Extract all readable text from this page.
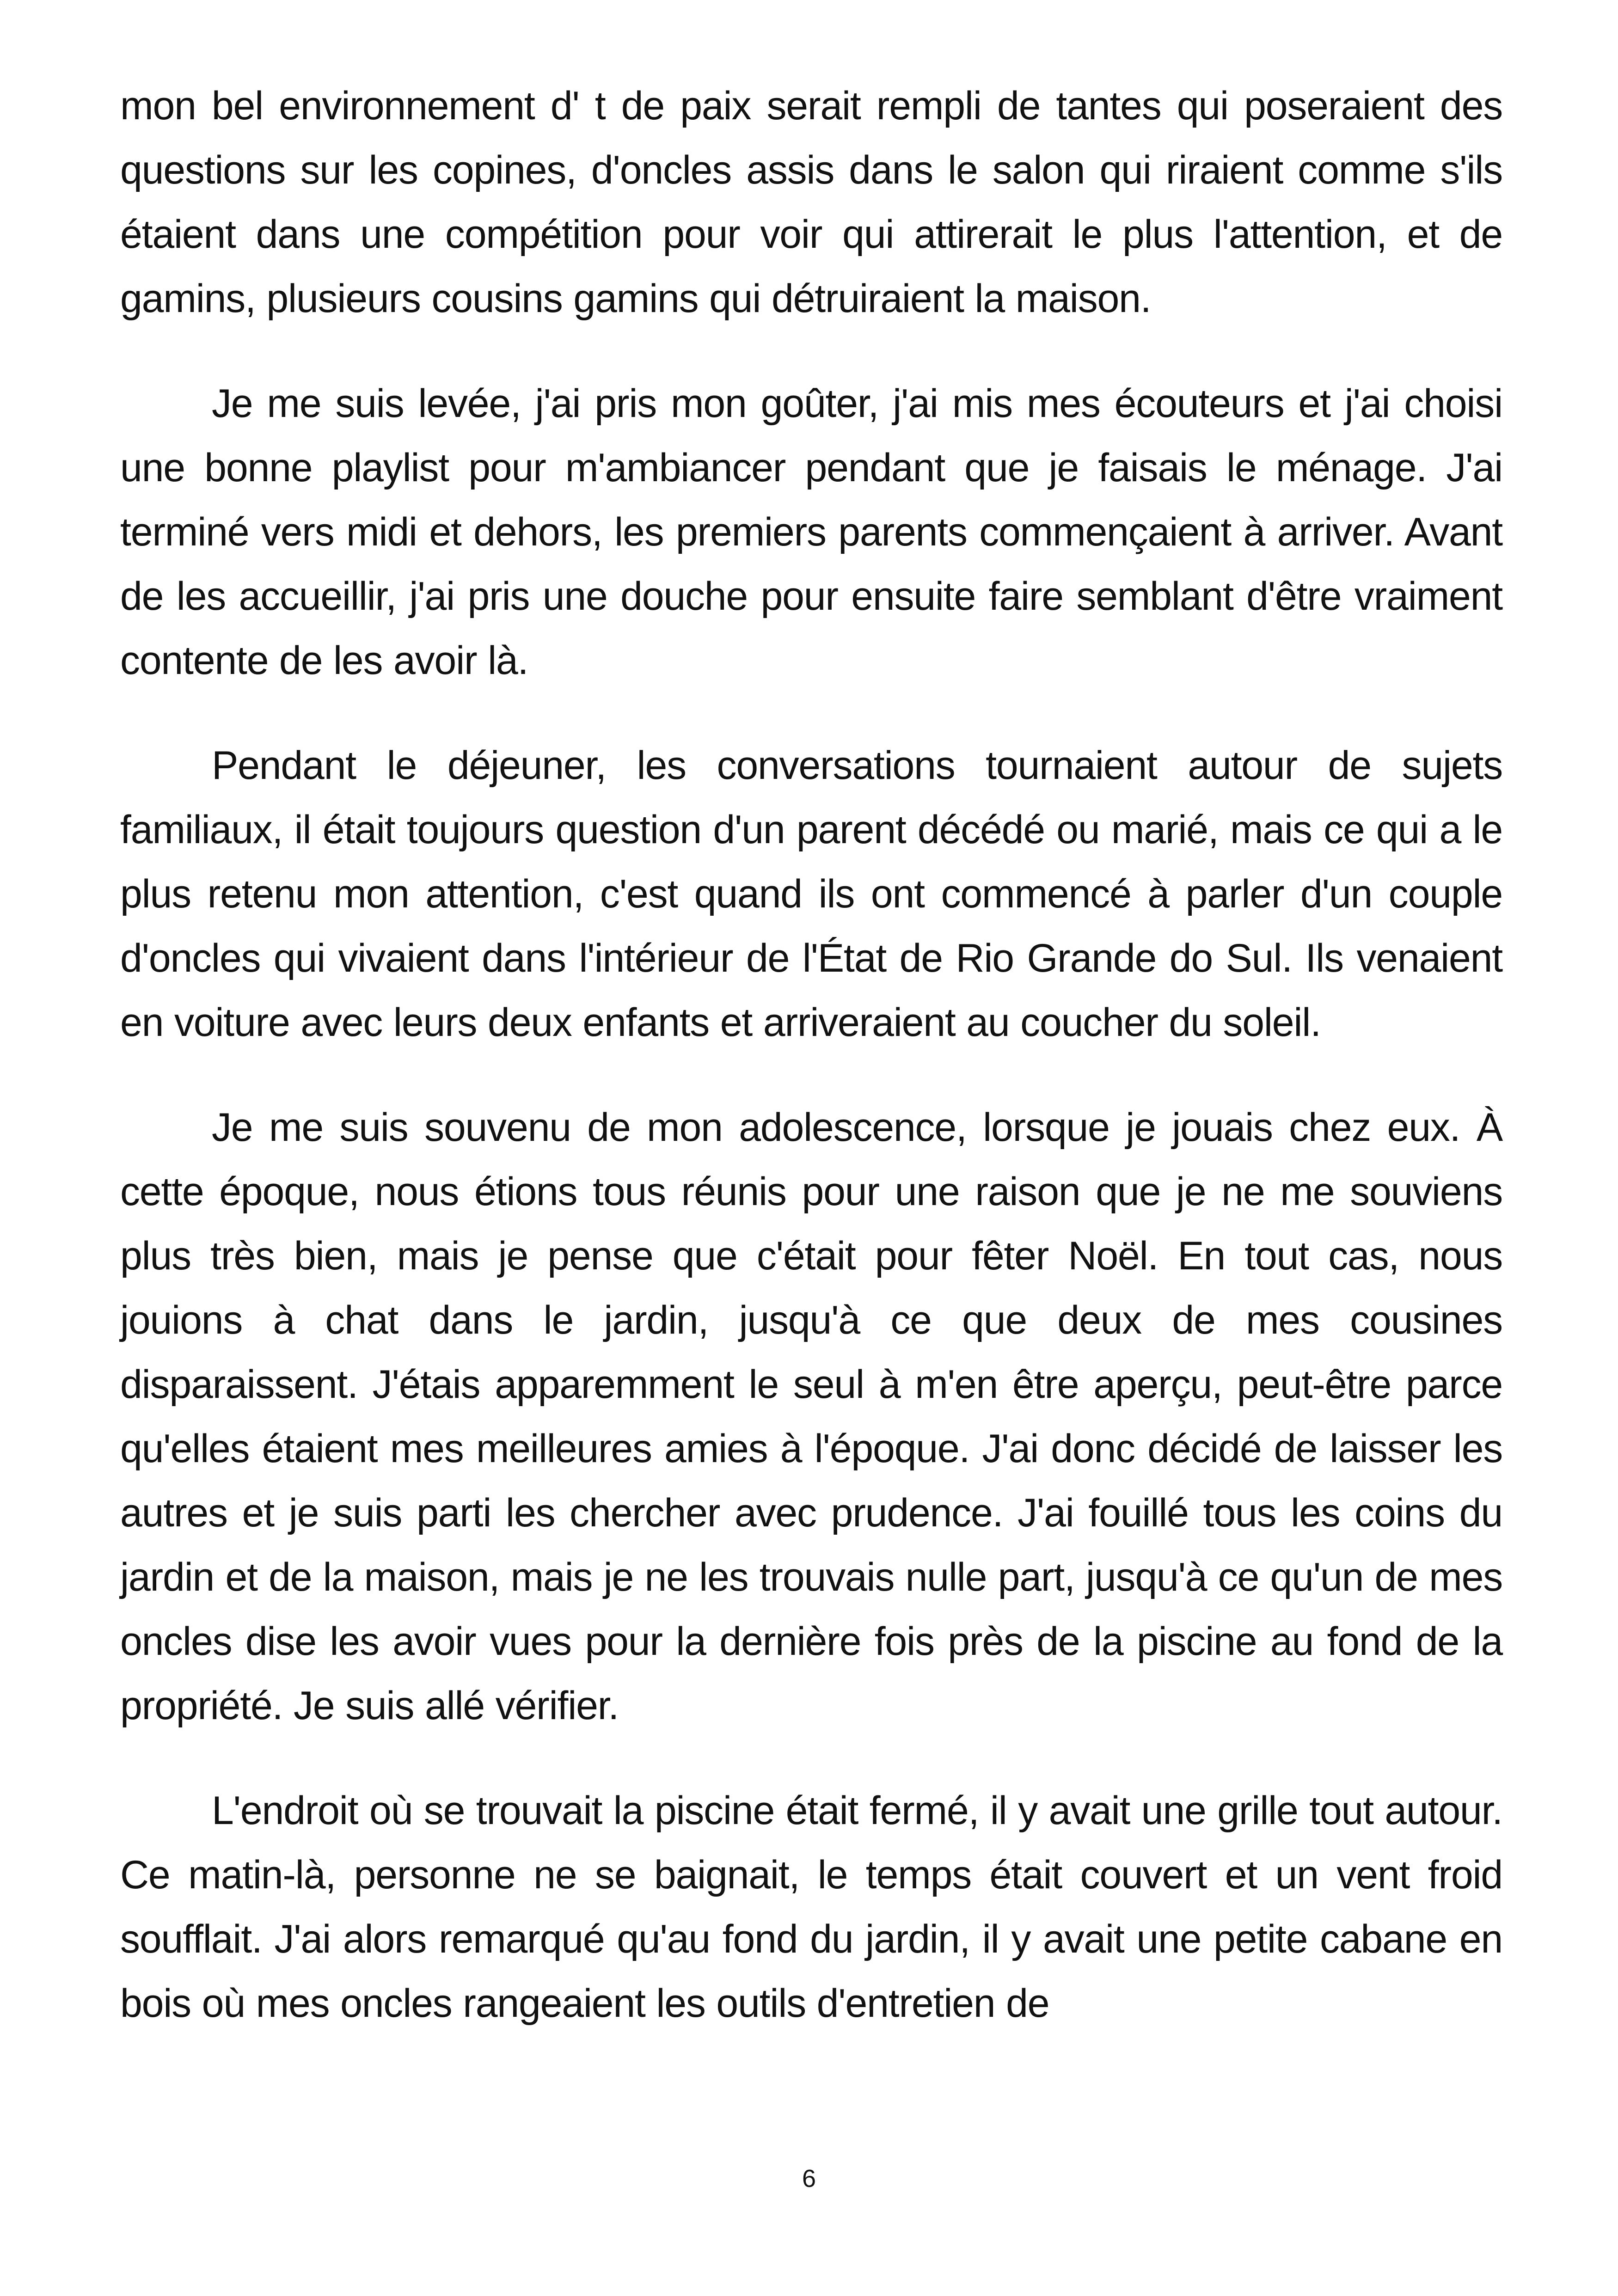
mon bel environnement d' t de paix serait rempli de tantes qui poseraient des questions sur les copines, d'oncles assis dans le salon qui riraient comme s'ils étaient dans une compétition pour voir qui attirerait le plus l'attention, et de gamins, plusieurs cousins gamins qui détruiraient la maison.

Je me suis levée, j'ai pris mon goûter, j'ai mis mes écouteurs et j'ai choisi une bonne playlist pour m'ambiancer pendant que je faisais le ménage. J'ai terminé vers midi et dehors, les premiers parents commençaient à arriver. Avant de les accueillir, j'ai pris une douche pour ensuite faire semblant d'être vraiment contente de les avoir là.

Pendant le déjeuner, les conversations tournaient autour de sujets familiaux, il était toujours question d'un parent décédé ou marié, mais ce qui a le plus retenu mon attention, c'est quand ils ont commencé à parler d'un couple d'oncles qui vivaient dans l'intérieur de l'État de Rio Grande do Sul. Ils venaient en voiture avec leurs deux enfants et arriveraient au coucher du soleil.

Je me suis souvenu de mon adolescence, lorsque je jouais chez eux. À cette époque, nous étions tous réunis pour une raison que je ne me souviens plus très bien, mais je pense que c'était pour fêter Noël. En tout cas, nous jouions à chat dans le jardin, jusqu'à ce que deux de mes cousines disparaissent. J'étais apparemment le seul à m'en être aperçu, peut-être parce qu'elles étaient mes meilleures amies à l'époque. J'ai donc décidé de laisser les autres et je suis parti les chercher avec prudence. J'ai fouillé tous les coins du jardin et de la maison, mais je ne les trouvais nulle part, jusqu'à ce qu'un de mes oncles dise les avoir vues pour la dernière fois près de la piscine au fond de la propriété. Je suis allé vérifier.

L'endroit où se trouvait la piscine était fermé, il y avait une grille tout autour. Ce matin-là, personne ne se baignait, le temps était couvert et un vent froid soufflait. J'ai alors remarqué qu'au fond du jardin, il y avait une petite cabane en bois où mes oncles rangeaient les outils d'entretien de

6
